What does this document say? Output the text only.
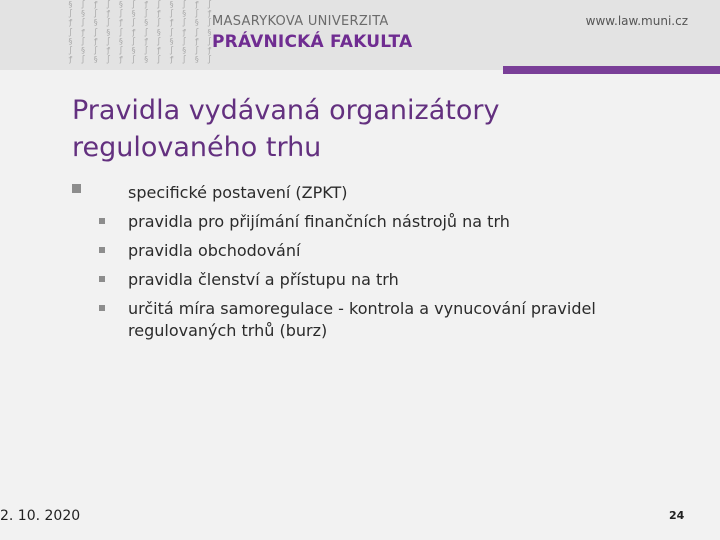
§ ∫ ƒ ∫ § ∫ ƒ ∫ § ∫ ƒ ∫
∫ § ∫ ƒ ∫ § ∫ ƒ ∫ § ∫ ƒ
ƒ ∫ § ∫ ƒ ∫ § ∫ ƒ ∫ § ∫
∫ ƒ ∫ § ∫ ƒ ∫ § ∫ ƒ ∫ §
§ ∫ ƒ ∫ § ∫ ƒ ∫ § ∫ ƒ ∫
∫ § ∫ ƒ ∫ § ∫ ƒ ∫ § ∫ ƒ
ƒ ∫ § ∫ ƒ ∫ § ∫ ƒ ∫ § ∫
MASARYKOVA UNIVERZITA
PRÁVNICKÁ FAKULTA
www.law.muni.cz
Pravidla vydávaná organizátory
regulovaného trhu
specifické postavení (ZPKT)
pravidla pro přijímání finančních nástrojů na trh
pravidla obchodování
pravidla členství a přístupu na trh
určitá míra samoregulace - kontrola a vynucování pravidel
regulovaných trhů (burz)
2. 10. 2020	24
